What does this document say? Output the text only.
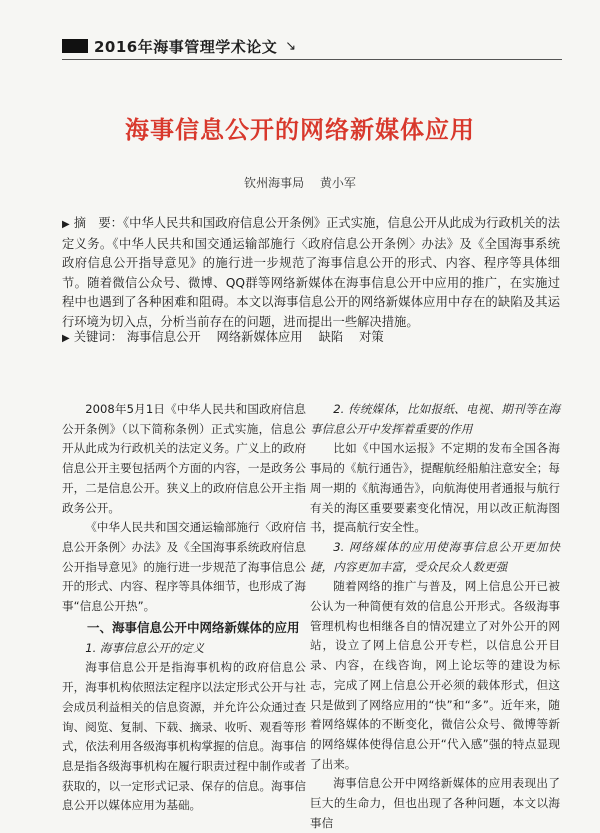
2016年海事管理学术论文 ↘
海事信息公开的网络新媒体应用
钦州海事局 黄小军
▶ 摘　要：《中华人民共和国政府信息公开条例》正式实施，信息公开从此成为行政机关的法定义务。《中华人民共和国交通运输部施行〈政府信息公开条例〉办法》及《全国海事系统政府信息公开指导意见》的施行进一步规范了海事信息公开的形式、内容、程序等具体细节。随着微信公众号、微博、QQ群等网络新媒体在海事信息公开中应用的推广，在实施过程中也遇到了各种困难和阻碍。本文以海事信息公开的网络新媒体应用中存在的缺陷及其运行环境为切入点，分析当前存在的问题，进而提出一些解决措施。
▶ 关键词： 海事信息公开 网络新媒体应用 缺陷 对策

2008年5月1日《中华人民共和国政府信息公开条例》（以下简称条例）正式实施，信息公开从此成为行政机关的法定义务。广义上的政府信息公开主要包括两个方面的内容，一是政务公开，二是信息公开。狭义上的政府信息公开主指政务公开。

《中华人民共和国交通运输部施行〈政府信息公开条例〉办法》及《全国海事系统政府信息公开指导意见》的施行进一步规范了海事信息公开的形式、内容、程序等具体细节，也形成了海事“信息公开热”。

一、海事信息公开中网络新媒体的应用

1. 海事信息公开的定义

海事信息公开是指海事机构的政府信息公开，海事机构依照法定程序以法定形式公开与社会成员利益相关的信息资源，并允许公众通过查询、阅览、复制、下载、摘录、收听、观看等形式，依法利用各级海事机构掌握的信息。海事信息是指各级海事机构在履行职责过程中制作或者获取的，以一定形式记录、保存的信息。海事信息公开以媒体应用为基础。

2. 传统媒体，比如报纸、电视、期刊等在海事信息公开中发挥着重要的作用

比如《中国水运报》不定期的发布全国各海事局的《航行通告》，提醒航经船舶注意安全；每周一期的《航海通告》，向航海使用者通报与航行有关的海区重要要素变化情况，用以改正航海图书，提高航行安全性。

3. 网络媒体的应用使海事信息公开更加快捷，内容更加丰富，受众民众人数更强

随着网络的推广与普及，网上信息公开已被公认为一种简便有效的信息公开形式。各级海事管理机构也相继各自的情况建立了对外公开的网站，设立了网上信息公开专栏，以信息公开目录、内容，在线咨询，网上论坛等的建设为标志，完成了网上信息公开必须的载体形式，但这只是做到了网络应用的“快”和“多”。近年来，随着网络媒体的不断变化，微信公众号、微博等新的网络媒体使得信息公开“代入感”强的特点显现了出来。

海事信息公开中网络新媒体的应用表现出了巨大的生命力，但也出现了各种问题，本文以海事信
